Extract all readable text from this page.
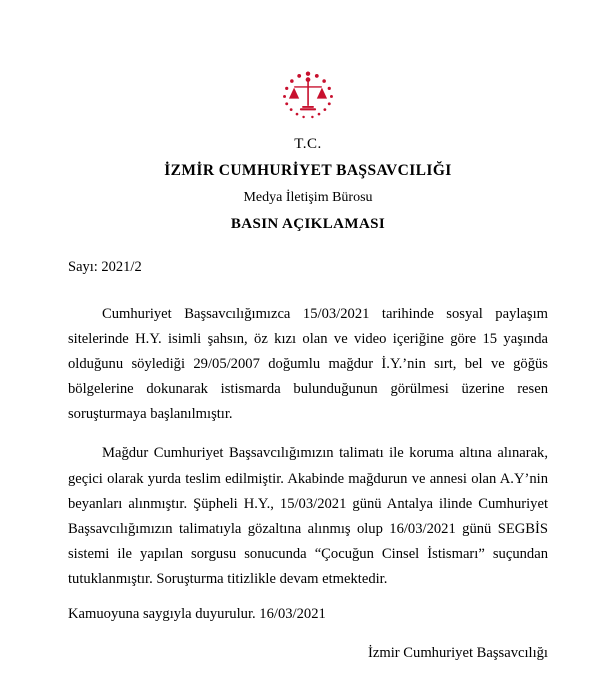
T.C.
İZMİR CUMHURİYET BAŞSAVCILIĞI
Medya İletişim Bürosu
BASIN AÇIKLAMASI
Sayı: 2021/2

Cumhuriyet Başsavcılığımızca 15/03/2021 tarihinde sosyal paylaşım sitelerinde H.Y. isimli şahsın, öz kızı olan ve video içeriğine göre 15 yaşında olduğunu söylediği 29/05/2007 doğumlu mağdur İ.Y.’nin sırt, bel ve göğüs bölgelerine dokunarak istismarda bulunduğunun görülmesi üzerine resen soruşturmaya başlanılmıştır.

Mağdur Cumhuriyet Başsavcılığımızın talimatı ile koruma altına alınarak, geçici olarak yurda teslim edilmiştir. Akabinde mağdurun ve annesi olan A.Y’nin beyanları alınmıştır. Şüpheli H.Y., 15/03/2021 günü Antalya ilinde Cumhuriyet Başsavcılığımızın talimatıyla gözaltına alınmış olup 16/03/2021 günü SEGBİS sistemi ile yapılan sorgusu sonucunda “Çocuğun Cinsel İstismarı” suçundan tutuklanmıştır. Soruşturma titizlikle devam etmektedir.

Kamuoyuna saygıyla duyurulur. 16/03/2021
İzmir Cumhuriyet Başsavcılığı
